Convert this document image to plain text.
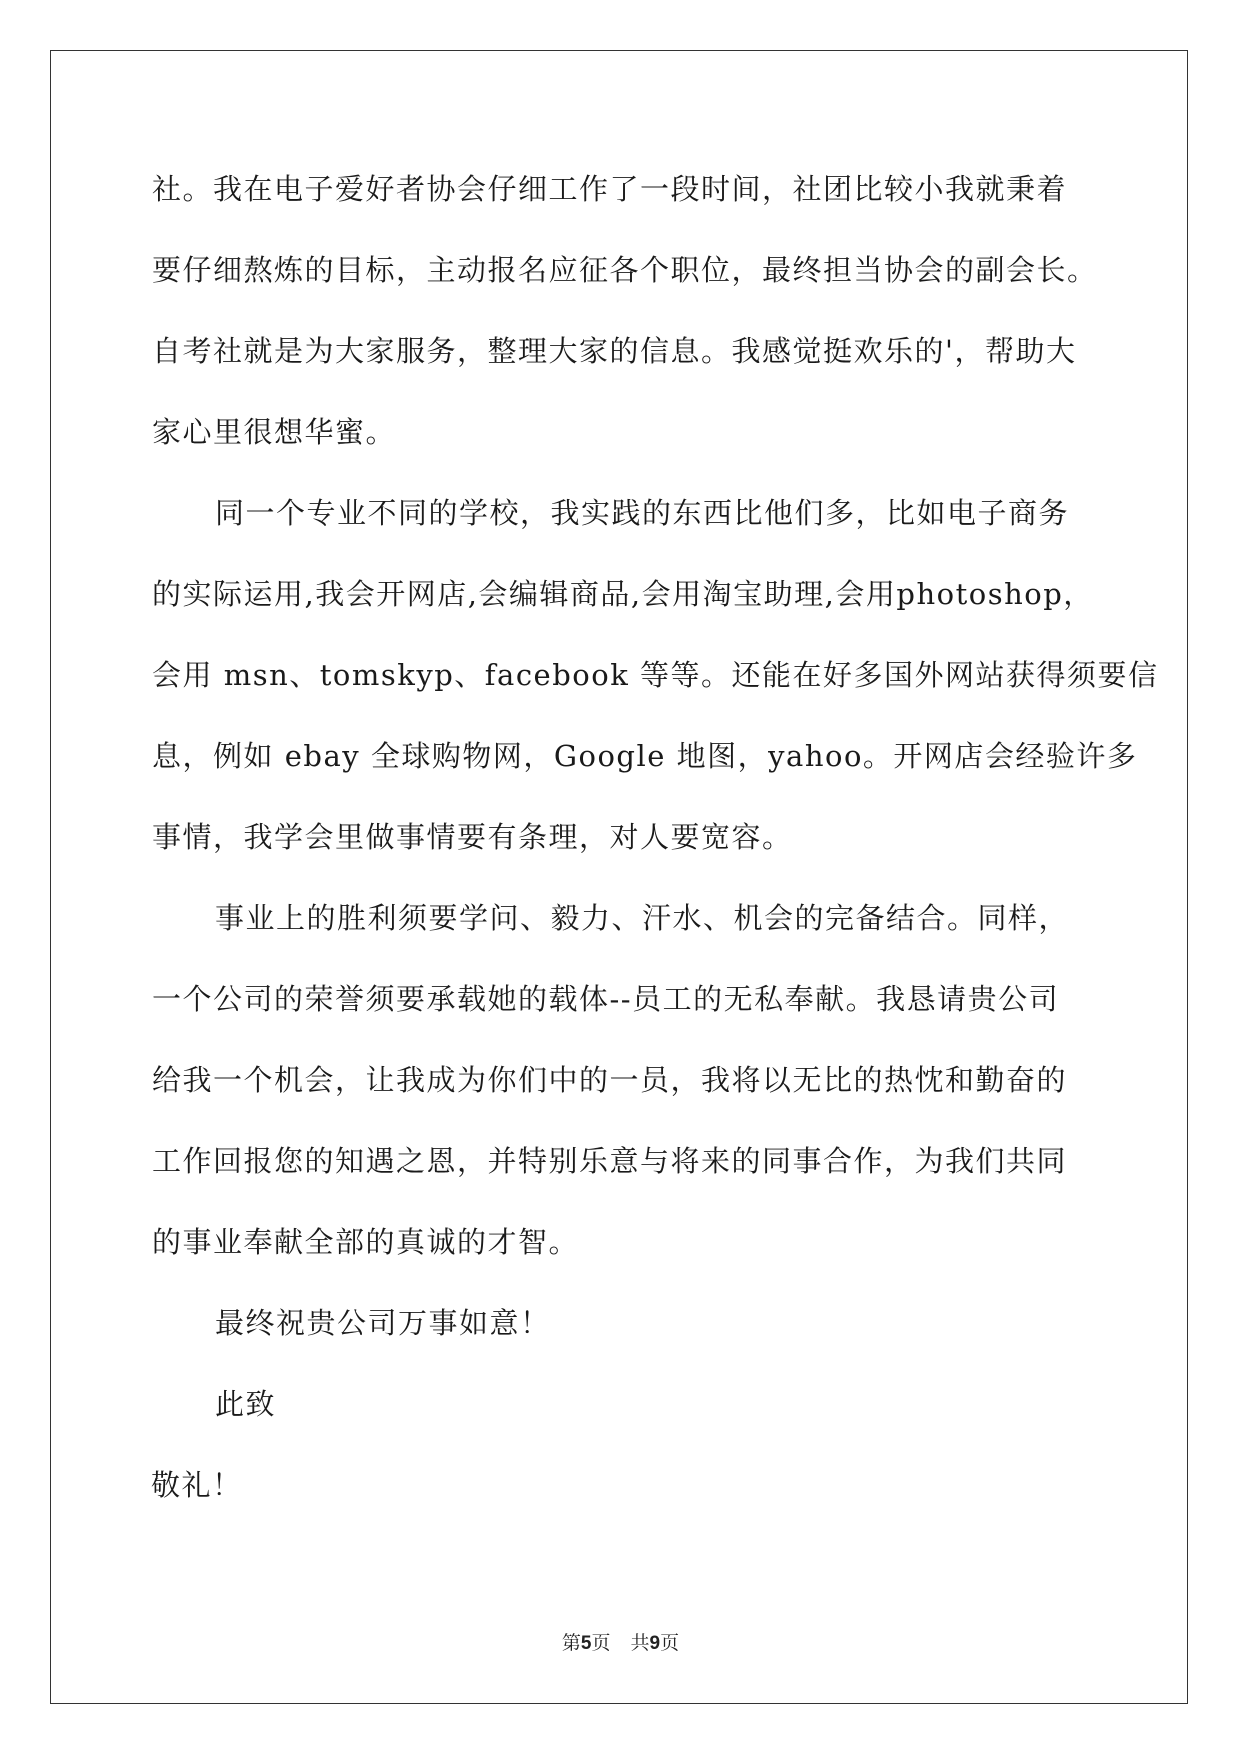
社。我在电子爱好者协会仔细工作了一段时间，社团比较小我就秉着
要仔细熬炼的目标，主动报名应征各个职位，最终担当协会的副会长。
自考社就是为大家服务，整理大家的信息。我感觉挺欢乐的'，帮助大
家心里很想华蜜。
同一个专业不同的学校，我实践的东西比他们多，比如电子商务
的实际运用,我会开网店,会编辑商品,会用淘宝助理,会用photoshop，
会用 msn、tomskyp、facebook 等等。还能在好多国外网站获得须要信
息，例如 ebay 全球购物网，Google 地图，yahoo。开网店会经验许多
事情，我学会里做事情要有条理，对人要宽容。
事业上的胜利须要学问、毅力、汗水、机会的完备结合。同样，
一个公司的荣誉须要承载她的载体--员工的无私奉献。我恳请贵公司
给我一个机会，让我成为你们中的一员，我将以无比的热忱和勤奋的
工作回报您的知遇之恩，并特别乐意与将来的同事合作，为我们共同
的事业奉献全部的真诚的才智。
最终祝贵公司万事如意！
此致
敬礼！
第5页 共9页
